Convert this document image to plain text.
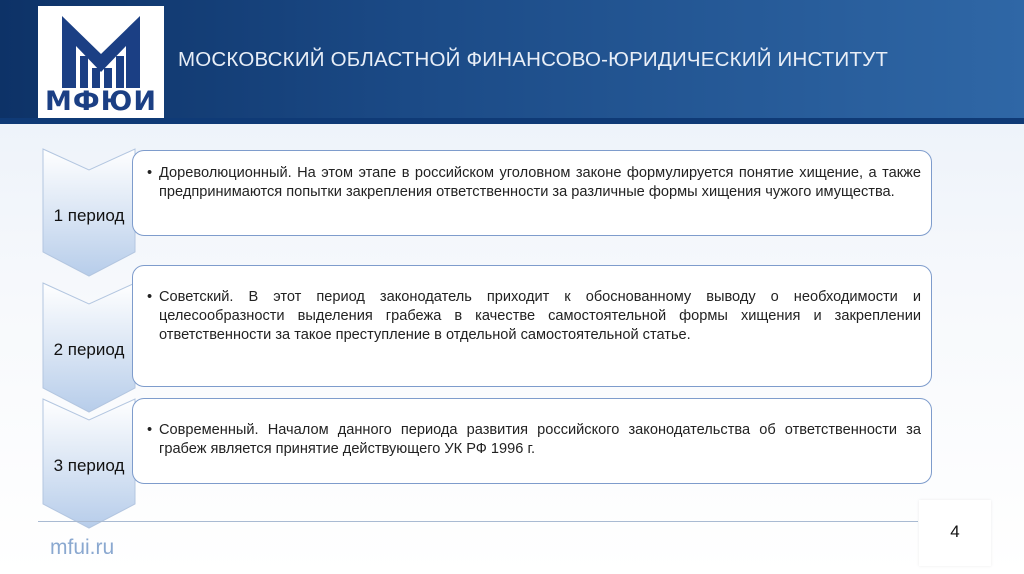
МФЮИ
МОСКОВСКИЙ ОБЛАСТНОЙ ФИНАНСОВО-ЮРИДИЧЕСКИЙ ИНСТИТУТ
1 период
• Дореволюционный. На этом этапе в российском уголовном законе формулируется понятие хищение, а также предпринимаются попытки закрепления ответственности за различные формы хищения чужого имущества.
2 период
• Советский. В этот период законодатель приходит к обоснованному выводу о необходимости и целесообразности выделения грабежа в качестве самостоятельной формы хищения и закреплении ответственности за такое преступление в отдельной самостоятельной статье.
3 период
• Современный. Началом данного периода развития российского законодательства об ответственности за грабеж является принятие действующего УК РФ 1996 г.
mfui.ru
4
